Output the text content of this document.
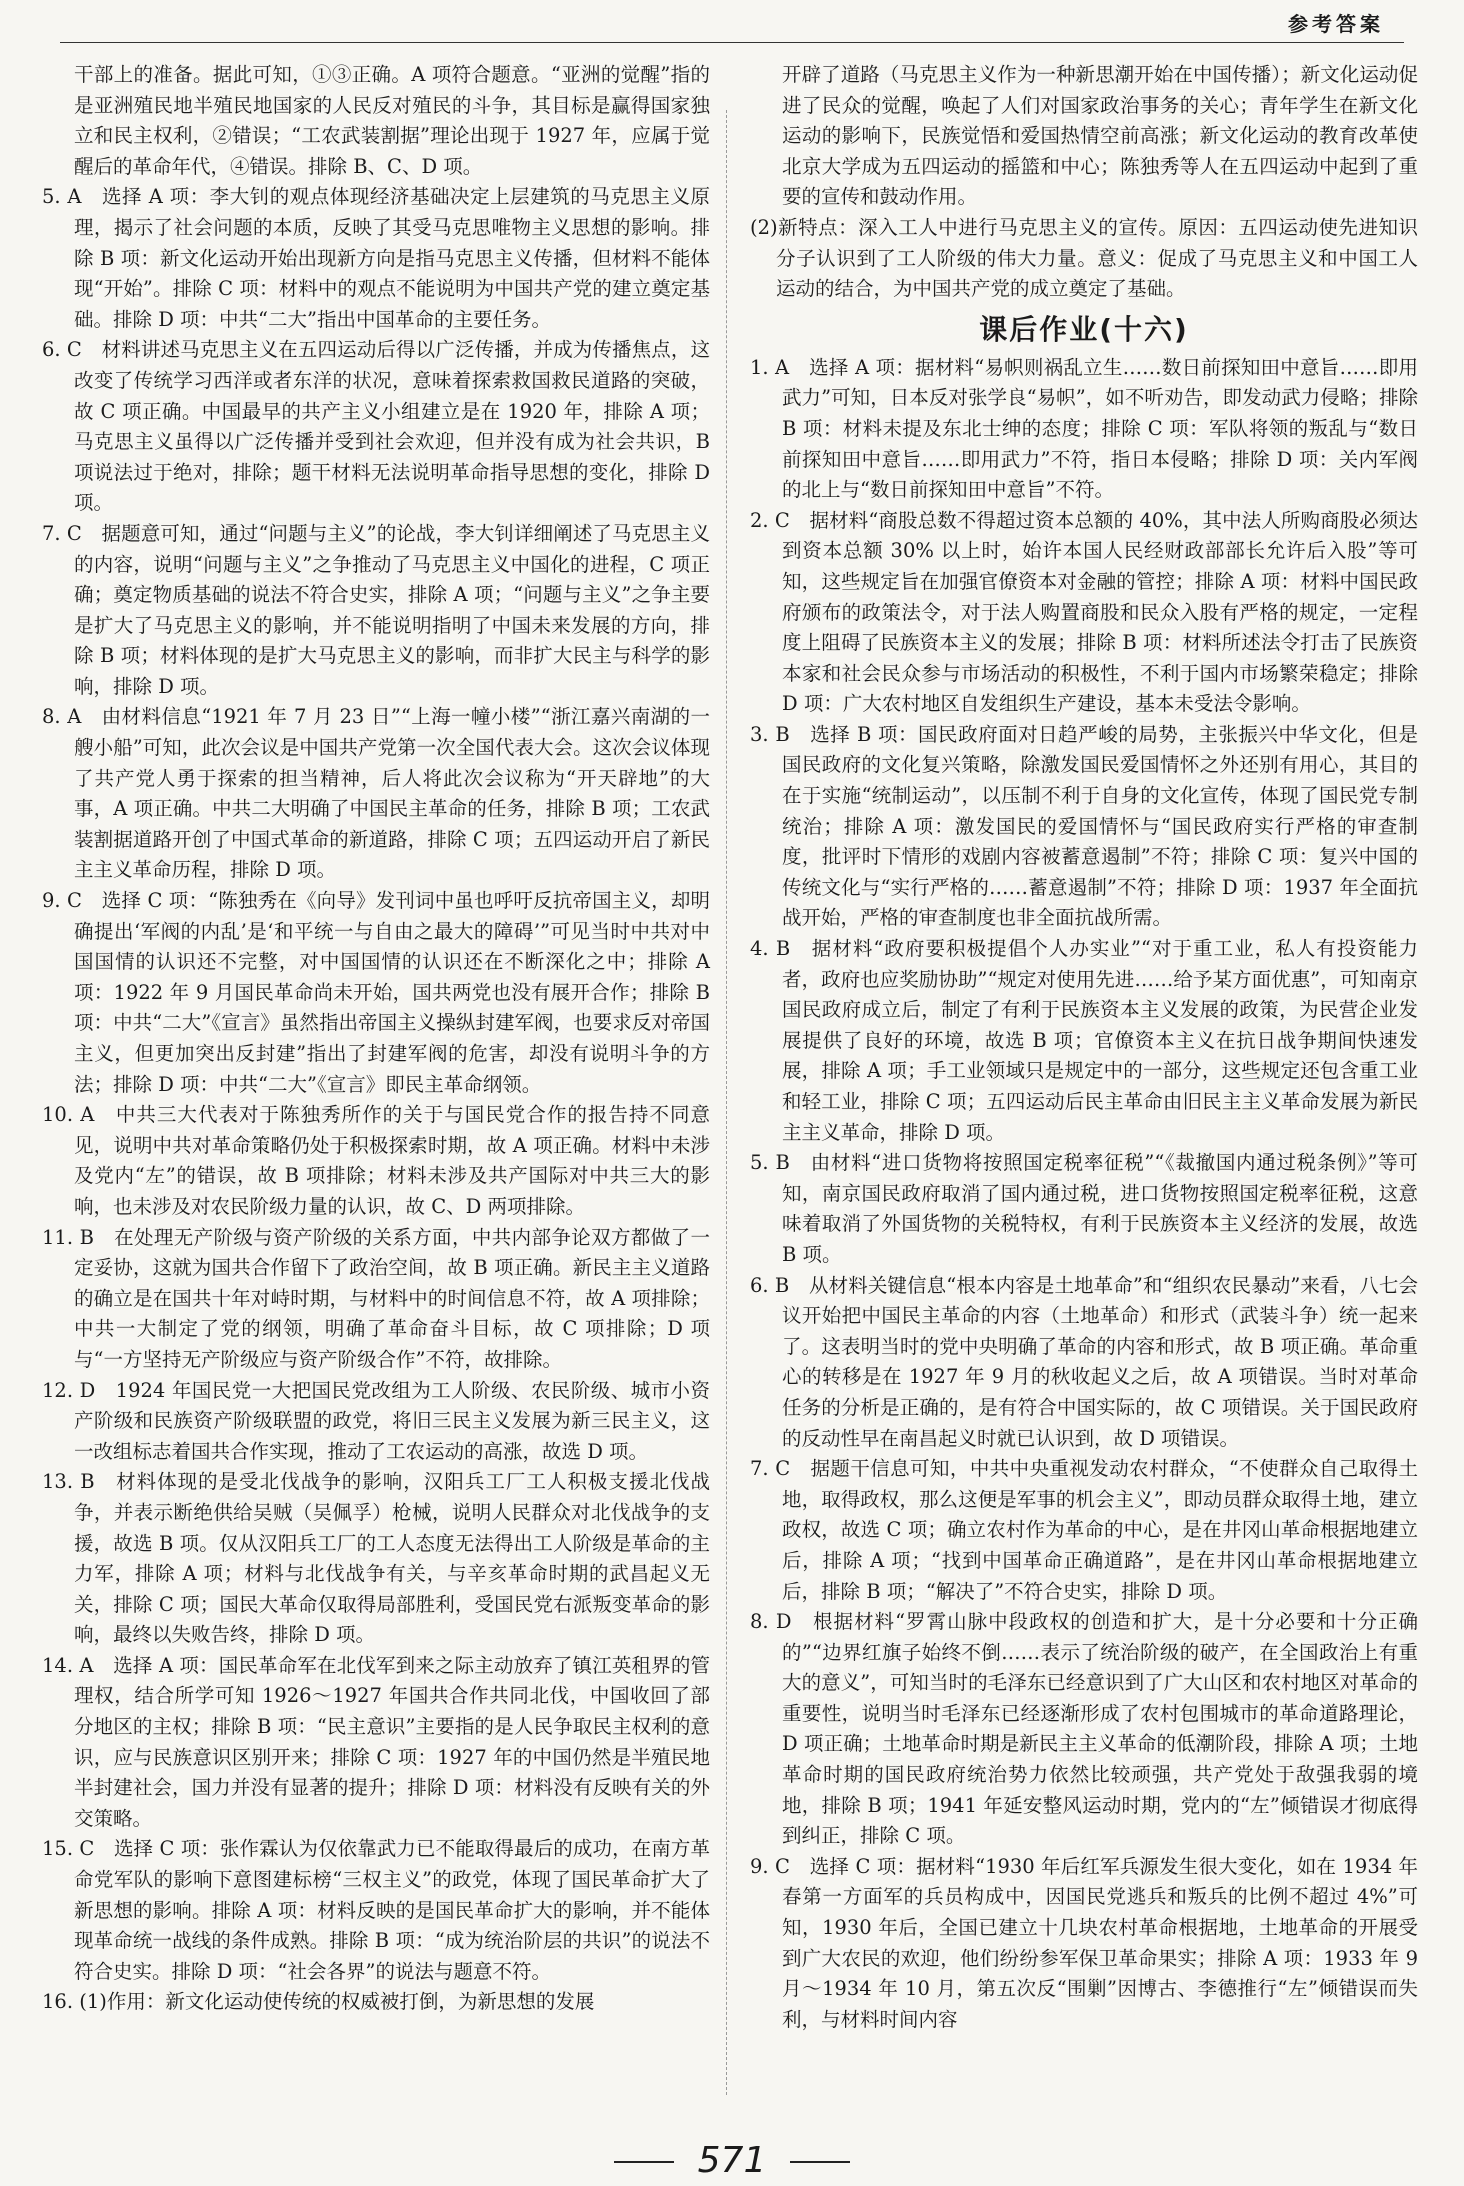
参考答案

干部上的准备。据此可知，①③正确。A 项符合题意。“亚洲的觉醒”指的是亚洲殖民地半殖民地国家的人民反对殖民的斗争，其目标是赢得国家独立和民主权利，②错误；“工农武装割据”理论出现于 1927 年，应属于觉醒后的革命年代，④错误。排除 B、C、D 项。

5. A　选择 A 项：李大钊的观点体现经济基础决定上层建筑的马克思主义原理，揭示了社会问题的本质，反映了其受马克思唯物主义思想的影响。排除 B 项：新文化运动开始出现新方向是指马克思主义传播，但材料不能体现“开始”。排除 C 项：材料中的观点不能说明为中国共产党的建立奠定基础。排除 D 项：中共“二大”指出中国革命的主要任务。

6. C　材料讲述马克思主义在五四运动后得以广泛传播，并成为传播焦点，这改变了传统学习西洋或者东洋的状况，意味着探索救国救民道路的突破，故 C 项正确。中国最早的共产主义小组建立是在 1920 年，排除 A 项；马克思主义虽得以广泛传播并受到社会欢迎，但并没有成为社会共识，B 项说法过于绝对，排除；题干材料无法说明革命指导思想的变化，排除 D 项。

7. C　据题意可知，通过“问题与主义”的论战，李大钊详细阐述了马克思主义的内容，说明“问题与主义”之争推动了马克思主义中国化的进程，C 项正确；奠定物质基础的说法不符合史实，排除 A 项；“问题与主义”之争主要是扩大了马克思主义的影响，并不能说明指明了中国未来发展的方向，排除 B 项；材料体现的是扩大马克思主义的影响，而非扩大民主与科学的影响，排除 D 项。

8. A　由材料信息“1921 年 7 月 23 日”“上海一幢小楼”“浙江嘉兴南湖的一艘小船”可知，此次会议是中国共产党第一次全国代表大会。这次会议体现了共产党人勇于探索的担当精神，后人将此次会议称为“开天辟地”的大事，A 项正确。中共二大明确了中国民主革命的任务，排除 B 项；工农武装割据道路开创了中国式革命的新道路，排除 C 项；五四运动开启了新民主主义革命历程，排除 D 项。

9. C　选择 C 项：“陈独秀在《向导》发刊词中虽也呼吁反抗帝国主义，却明确提出‘军阀的内乱’是‘和平统一与自由之最大的障碍’”可见当时中共对中国国情的认识还不完整，对中国国情的认识还在不断深化之中；排除 A 项：1922 年 9 月国民革命尚未开始，国共两党也没有展开合作；排除 B 项：中共“二大”《宣言》虽然指出帝国主义操纵封建军阀，也要求反对帝国主义，但更加突出反封建”指出了封建军阀的危害，却没有说明斗争的方法；排除 D 项：中共“二大”《宣言》即民主革命纲领。

10. A　中共三大代表对于陈独秀所作的关于与国民党合作的报告持不同意见，说明中共对革命策略仍处于积极探索时期，故 A 项正确。材料中未涉及党内“左”的错误，故 B 项排除；材料未涉及共产国际对中共三大的影响，也未涉及对农民阶级力量的认识，故 C、D 两项排除。

11. B　在处理无产阶级与资产阶级的关系方面，中共内部争论双方都做了一定妥协，这就为国共合作留下了政治空间，故 B 项正确。新民主主义道路的确立是在国共十年对峙时期，与材料中的时间信息不符，故 A 项排除；中共一大制定了党的纲领，明确了革命奋斗目标，故 C 项排除；D 项与“一方坚持无产阶级应与资产阶级合作”不符，故排除。

12. D　1924 年国民党一大把国民党改组为工人阶级、农民阶级、城市小资产阶级和民族资产阶级联盟的政党，将旧三民主义发展为新三民主义，这一改组标志着国共合作实现，推动了工农运动的高涨，故选 D 项。

13. B　材料体现的是受北伐战争的影响，汉阳兵工厂工人积极支援北伐战争，并表示断绝供给吴贼（吴佩孚）枪械，说明人民群众对北伐战争的支援，故选 B 项。仅从汉阳兵工厂的工人态度无法得出工人阶级是革命的主力军，排除 A 项；材料与北伐战争有关，与辛亥革命时期的武昌起义无关，排除 C 项；国民大革命仅取得局部胜利，受国民党右派叛变革命的影响，最终以失败告终，排除 D 项。

14. A　选择 A 项：国民革命军在北伐军到来之际主动放弃了镇江英租界的管理权，结合所学可知 1926～1927 年国共合作共同北伐，中国收回了部分地区的主权；排除 B 项：“民主意识”主要指的是人民争取民主权利的意识，应与民族意识区别开来；排除 C 项：1927 年的中国仍然是半殖民地半封建社会，国力并没有显著的提升；排除 D 项：材料没有反映有关的外交策略。

15. C　选择 C 项：张作霖认为仅依靠武力已不能取得最后的成功，在南方革命党军队的影响下意图建标榜“三权主义”的政党，体现了国民革命扩大了新思想的影响。排除 A 项：材料反映的是国民革命扩大的影响，并不能体现革命统一战线的条件成熟。排除 B 项：“成为统治阶层的共识”的说法不符合史实。排除 D 项：“社会各界”的说法与题意不符。

16. (1)作用：新文化运动使传统的权威被打倒，为新思想的发展

开辟了道路（马克思主义作为一种新思潮开始在中国传播）；新文化运动促进了民众的觉醒，唤起了人们对国家政治事务的关心；青年学生在新文化运动的影响下，民族觉悟和爱国热情空前高涨；新文化运动的教育改革使北京大学成为五四运动的摇篮和中心；陈独秀等人在五四运动中起到了重要的宣传和鼓动作用。

(2)新特点：深入工人中进行马克思主义的宣传。原因：五四运动使先进知识分子认识到了工人阶级的伟大力量。意义：促成了马克思主义和中国工人运动的结合，为中国共产党的成立奠定了基础。

课后作业(十六)

1. A　选择 A 项：据材料“易帜则祸乱立生……数日前探知田中意旨……即用武力”可知，日本反对张学良“易帜”，如不听劝告，即发动武力侵略；排除 B 项：材料未提及东北士绅的态度；排除 C 项：军队将领的叛乱与“数日前探知田中意旨……即用武力”不符，指日本侵略；排除 D 项：关内军阀的北上与“数日前探知田中意旨”不符。

2. C　据材料“商股总数不得超过资本总额的 40%，其中法人所购商股必须达到资本总额 30% 以上时，始许本国人民经财政部部长允许后入股”等可知，这些规定旨在加强官僚资本对金融的管控；排除 A 项：材料中国民政府颁布的政策法令，对于法人购置商股和民众入股有严格的规定，一定程度上阻碍了民族资本主义的发展；排除 B 项：材料所述法令打击了民族资本家和社会民众参与市场活动的积极性，不利于国内市场繁荣稳定；排除 D 项：广大农村地区自发组织生产建设，基本未受法令影响。

3. B　选择 B 项：国民政府面对日趋严峻的局势，主张振兴中华文化，但是国民政府的文化复兴策略，除激发国民爱国情怀之外还别有用心，其目的在于实施“统制运动”，以压制不利于自身的文化宣传，体现了国民党专制统治；排除 A 项：激发国民的爱国情怀与“国民政府实行严格的审查制度，批评时下情形的戏剧内容被蓄意遏制”不符；排除 C 项：复兴中国的传统文化与“实行严格的……蓄意遏制”不符；排除 D 项：1937 年全面抗战开始，严格的审查制度也非全面抗战所需。

4. B　据材料“政府要积极提倡个人办实业”“对于重工业，私人有投资能力者，政府也应奖励协助”“规定对使用先进……给予某方面优惠”，可知南京国民政府成立后，制定了有利于民族资本主义发展的政策，为民营企业发展提供了良好的环境，故选 B 项；官僚资本主义在抗日战争期间快速发展，排除 A 项；手工业领域只是规定中的一部分，这些规定还包含重工业和轻工业，排除 C 项；五四运动后民主革命由旧民主主义革命发展为新民主主义革命，排除 D 项。

5. B　由材料“进口货物将按照国定税率征税”“《裁撤国内通过税条例》”等可知，南京国民政府取消了国内通过税，进口货物按照国定税率征税，这意味着取消了外国货物的关税特权，有利于民族资本主义经济的发展，故选 B 项。

6. B　从材料关键信息“根本内容是土地革命”和“组织农民暴动”来看，八七会议开始把中国民主革命的内容（土地革命）和形式（武装斗争）统一起来了。这表明当时的党中央明确了革命的内容和形式，故 B 项正确。革命重心的转移是在 1927 年 9 月的秋收起义之后，故 A 项错误。当时对革命任务的分析是正确的，是有符合中国实际的，故 C 项错误。关于国民政府的反动性早在南昌起义时就已认识到，故 D 项错误。

7. C　据题干信息可知，中共中央重视发动农村群众，“不使群众自己取得土地，取得政权，那么这便是军事的机会主义”，即动员群众取得土地，建立政权，故选 C 项；确立农村作为革命的中心，是在井冈山革命根据地建立后，排除 A 项；“找到中国革命正确道路”，是在井冈山革命根据地建立后，排除 B 项；“解决了”不符合史实，排除 D 项。

8. D　根据材料“罗霄山脉中段政权的创造和扩大，是十分必要和十分正确的”“边界红旗子始终不倒……表示了统治阶级的破产，在全国政治上有重大的意义”，可知当时的毛泽东已经意识到了广大山区和农村地区对革命的重要性，说明当时毛泽东已经逐渐形成了农村包围城市的革命道路理论，D 项正确；土地革命时期是新民主主义革命的低潮阶段，排除 A 项；土地革命时期的国民政府统治势力依然比较顽强，共产党处于敌强我弱的境地，排除 B 项；1941 年延安整风运动时期，党内的“左”倾错误才彻底得到纠正，排除 C 项。

9. C　选择 C 项：据材料“1930 年后红军兵源发生很大变化，如在 1934 年春第一方面军的兵员构成中，因国民党逃兵和叛兵的比例不超过 4%”可知，1930 年后，全国已建立十几块农村革命根据地，土地革命的开展受到广大农民的欢迎，他们纷纷参军保卫革命果实；排除 A 项：1933 年 9 月～1934 年 10 月，第五次反“围剿”因博古、李德推行“左”倾错误而失利，与材料时间内容

571
